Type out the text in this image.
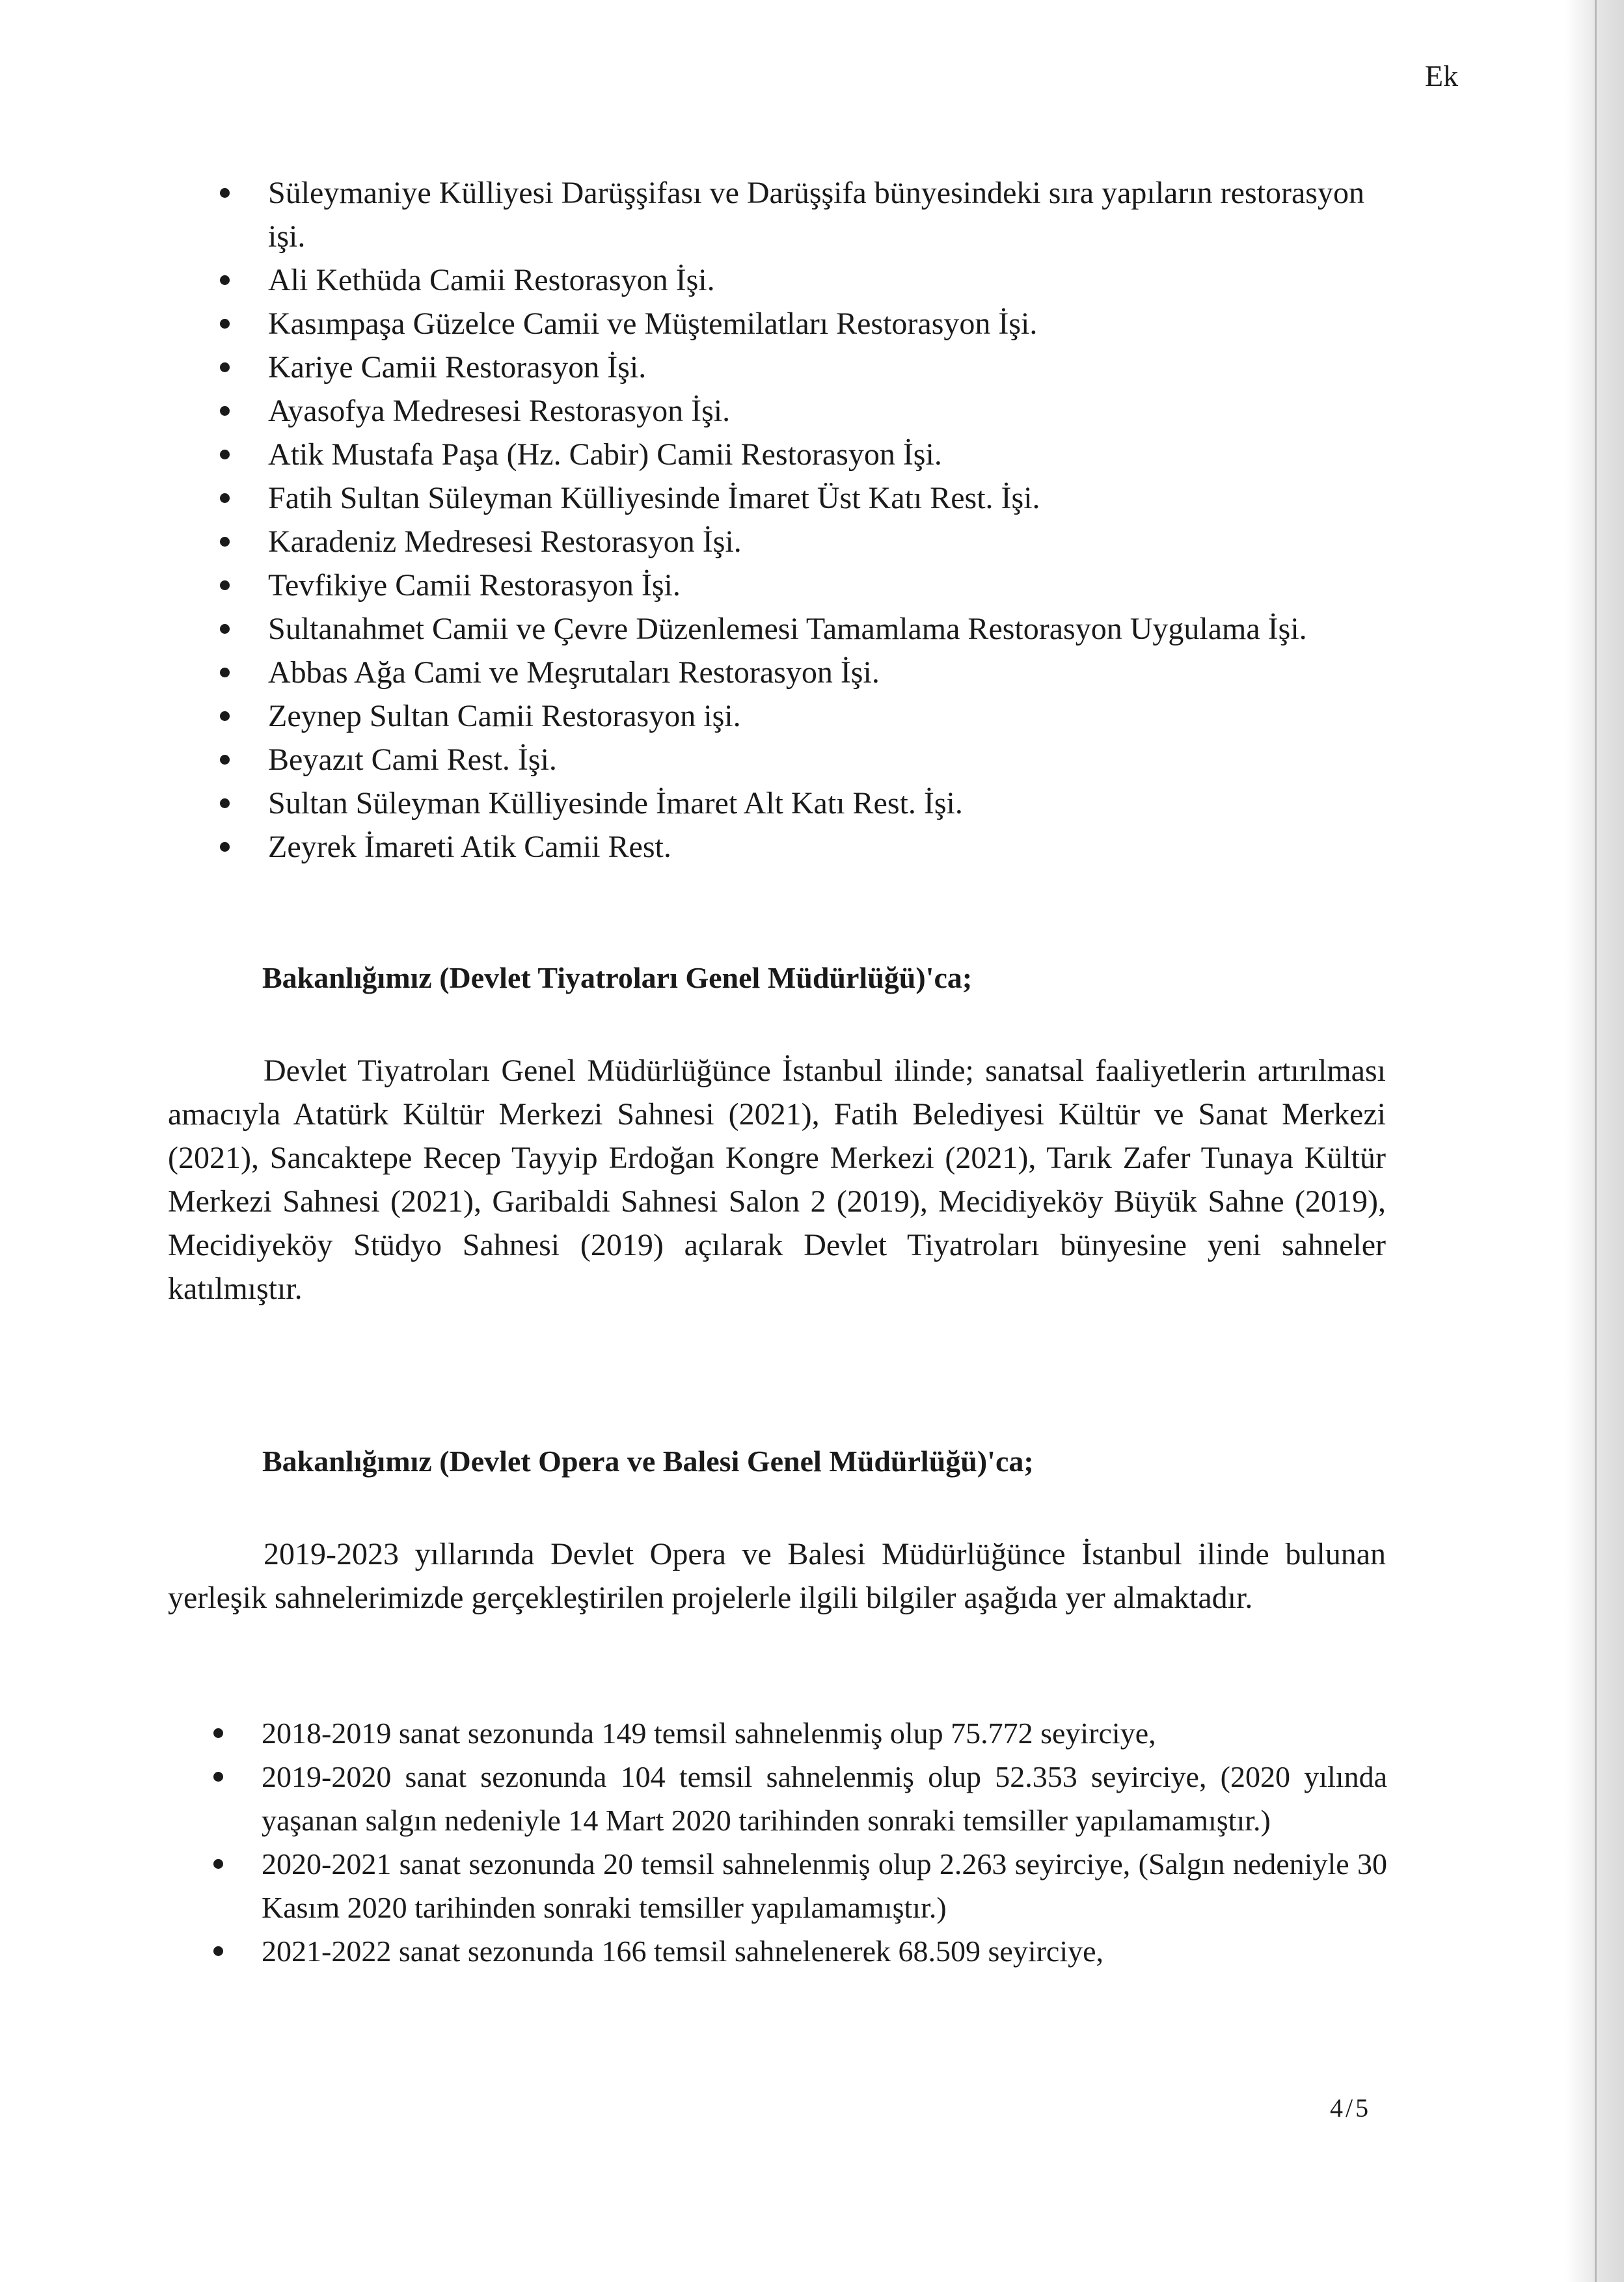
Ek
Süleymaniye Külliyesi Darüşşifası ve Darüşşifa bünyesindeki sıra yapıların restorasyon işi.
Ali Kethüda Camii Restorasyon İşi.
Kasımpaşa Güzelce Camii ve Müştemilatları Restorasyon İşi.
Kariye Camii Restorasyon İşi.
Ayasofya Medresesi Restorasyon İşi.
Atik Mustafa Paşa (Hz. Cabir) Camii Restorasyon İşi.
Fatih Sultan Süleyman Külliyesinde İmaret Üst Katı Rest. İşi.
Karadeniz Medresesi Restorasyon İşi.
Tevfikiye Camii Restorasyon İşi.
Sultanahmet Camii ve Çevre Düzenlemesi Tamamlama Restorasyon Uygulama İşi.
Abbas Ağa Cami ve Meşrutaları Restorasyon İşi.
Zeynep Sultan Camii Restorasyon işi.
Beyazıt Cami Rest. İşi.
Sultan Süleyman Külliyesinde İmaret Alt Katı Rest. İşi.
Zeyrek İmareti Atik Camii Rest.
Bakanlığımız (Devlet Tiyatroları Genel Müdürlüğü)'ca;
Devlet Tiyatroları Genel Müdürlüğünce İstanbul ilinde; sanatsal faaliyetlerin artırılması amacıyla Atatürk Kültür Merkezi Sahnesi (2021), Fatih Belediyesi Kültür ve Sanat Merkezi (2021), Sancaktepe Recep Tayyip Erdoğan Kongre Merkezi (2021), Tarık Zafer Tunaya Kültür Merkezi Sahnesi (2021), Garibaldi Sahnesi Salon 2 (2019), Mecidiyeköy Büyük Sahne (2019), Mecidiyeköy Stüdyo Sahnesi (2019) açılarak Devlet Tiyatroları bünyesine yeni sahneler katılmıştır.
Bakanlığımız (Devlet Opera ve Balesi Genel Müdürlüğü)'ca;
2019-2023 yıllarında Devlet Opera ve Balesi Müdürlüğünce İstanbul ilinde bulunan yerleşik sahnelerimizde gerçekleştirilen projelerle ilgili bilgiler aşağıda yer almaktadır.
2018-2019 sanat sezonunda 149 temsil sahnelenmiş olup 75.772 seyirciye,
2019-2020 sanat sezonunda 104 temsil sahnelenmiş olup 52.353 seyirciye, (2020 yılında yaşanan salgın nedeniyle 14 Mart 2020 tarihinden sonraki temsiller yapılamamıştır.)
2020-2021 sanat sezonunda 20 temsil sahnelenmiş olup 2.263 seyirciye, (Salgın nedeniyle 30 Kasım 2020 tarihinden sonraki temsiller yapılamamıştır.)
2021-2022 sanat sezonunda 166 temsil sahnelenerek 68.509 seyirciye,
4/5
